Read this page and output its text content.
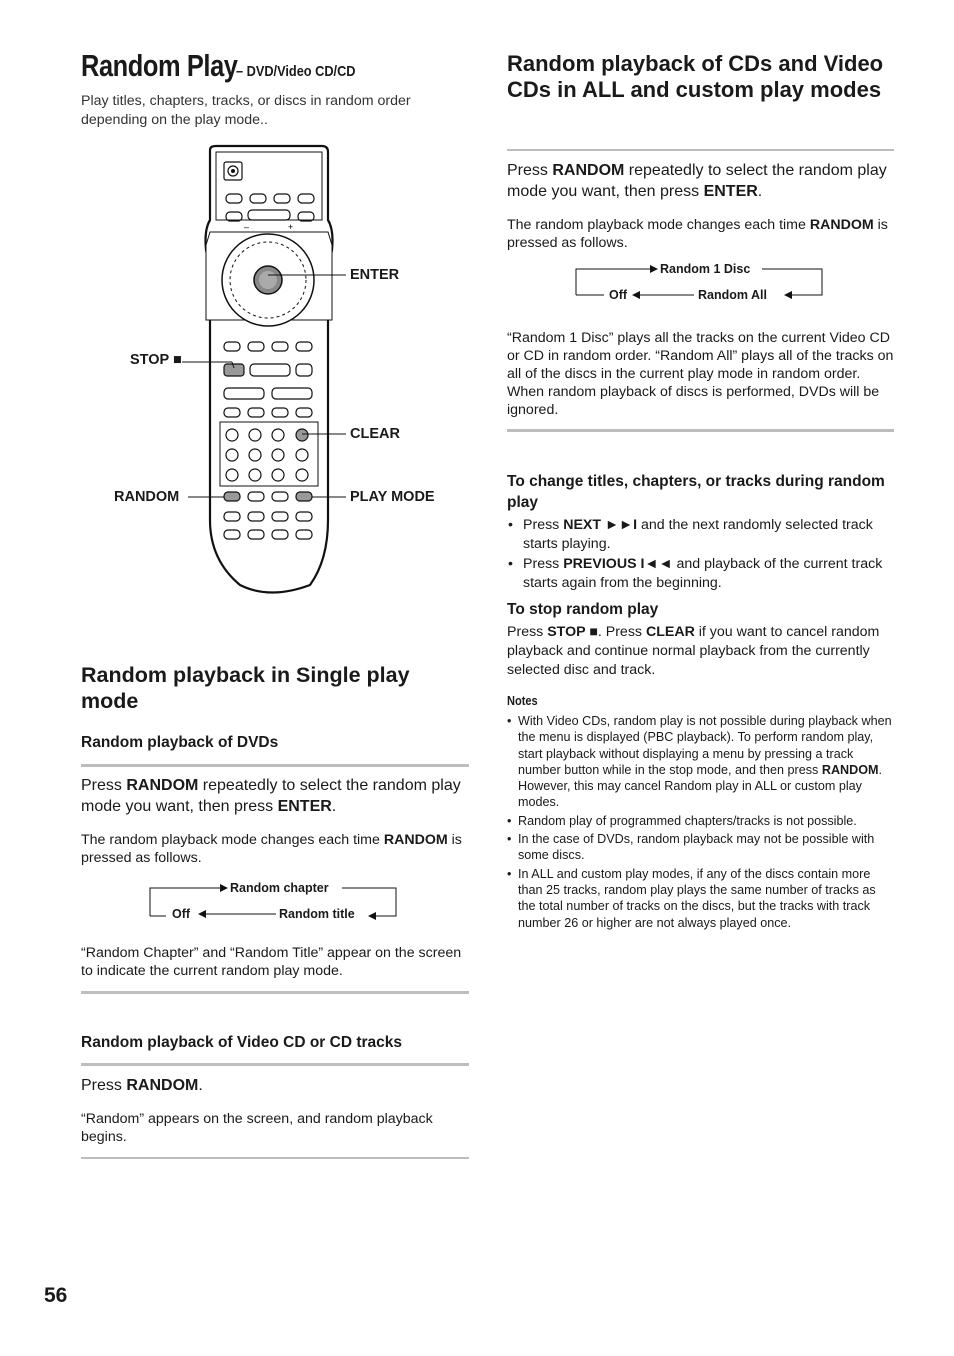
Random Play – DVD/Video CD/CD
Play titles, chapters, tracks, or discs in random order depending on the play mode..
–	+
ENTER
STOP ■
CLEAR
RANDOM	PLAY MODE
Random playback in Single play mode
Random playback of DVDs
Press RANDOM repeatedly to select the random play mode you want, then press ENTER.
The random playback mode changes each time RANDOM is pressed as follows.
Random chapter
Random title
Off
“Random Chapter” and “Random Title” appear on the screen to indicate the current random play mode.
Random playback of Video CD or CD tracks
Press RANDOM.
“Random” appears on the screen, and random playback begins.
Random playback of CDs and Video CDs in ALL and custom play modes
Press RANDOM repeatedly to select the random play mode you want, then press ENTER.
The random playback mode changes each time RANDOM is pressed as follows.
Random 1 Disc
Random All
Off
“Random 1 Disc” plays all the tracks on the current Video CD or CD in random order. “Random All” plays all of the tracks on all of the discs in the current play mode in random order. When random playback of discs is performed, DVDs will be ignored.
To change titles, chapters, or tracks during random play
• Press NEXT ►►I and the next randomly selected track starts playing.
• Press PREVIOUS I◄◄ and playback of the current track starts again from the beginning.
To stop random play
Press STOP ■. Press CLEAR if you want to cancel random playback and continue normal playback from the currently selected disc and track.
Notes
• With Video CDs, random play is not possible during playback when the menu is displayed (PBC playback). To perform random play, start playback without displaying a menu by pressing a track number button while in the stop mode, and then press RANDOM. However, this may cancel Random play in ALL or custom play modes.
• Random play of programmed chapters/tracks is not possible.
• In the case of DVDs, random playback may not be possible with some discs.
• In ALL and custom play modes, if any of the discs contain more than 25 tracks, random play plays the same number of tracks as the total number of tracks on the discs, but the tracks with track number 26 or higher are not always played once.
56
